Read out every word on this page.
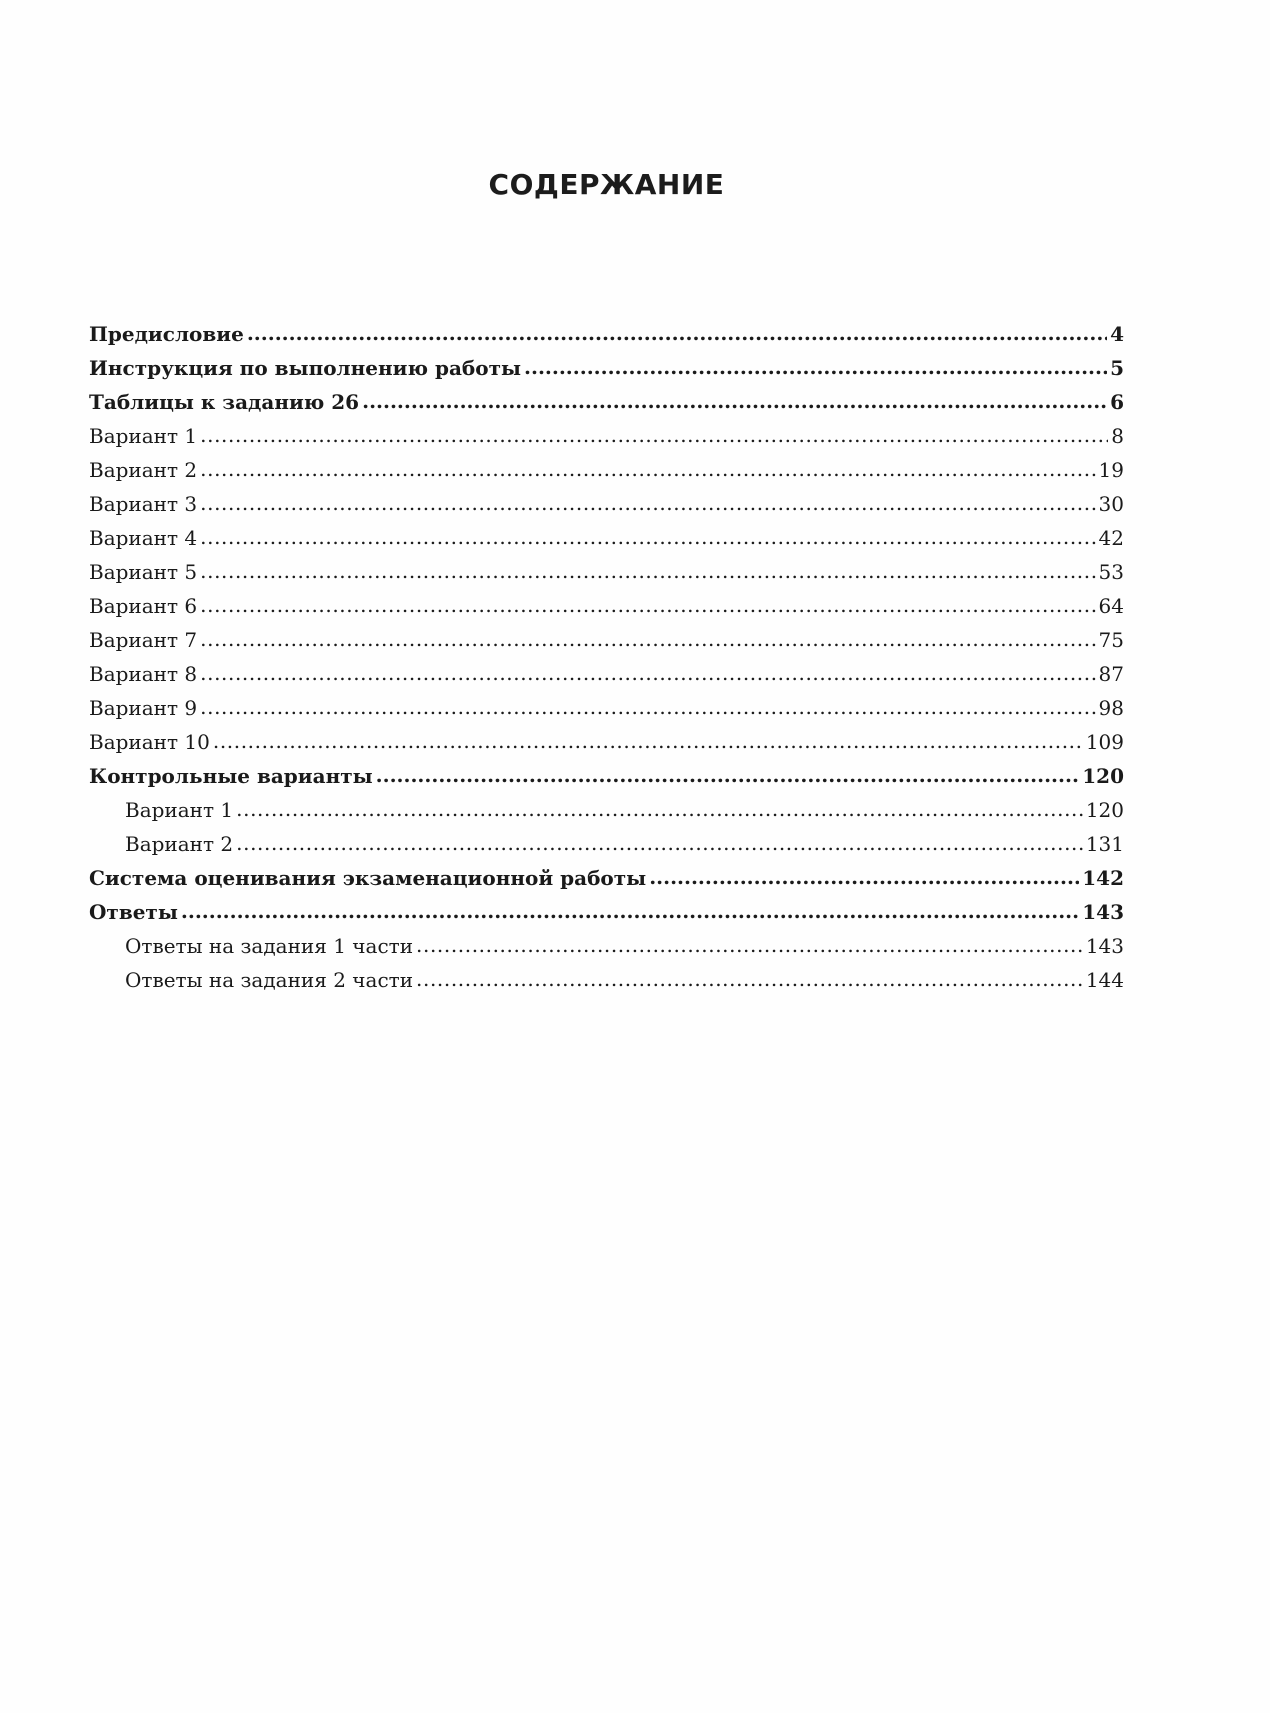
СОДЕРЖАНИЕ
Предисловие .....	4
Инструкция по выполнению работы .....	5
Таблицы к заданию 26 .....	6
Вариант 1 .....	8
Вариант 2 .....	19
Вариант 3 .....	30
Вариант 4 .....	42
Вариант 5 .....	53
Вариант 6 .....	64
Вариант 7 .....	75
Вариант 8 .....	87
Вариант 9 .....	98
Вариант 10 .....	109
Контрольные варианты .....	120
Вариант 1 .....	120
Вариант 2 .....	131
Система оценивания экзаменационной работы .....	142
Ответы .....	143
Ответы на задания 1 части .....	143
Ответы на задания 2 части .....	144
